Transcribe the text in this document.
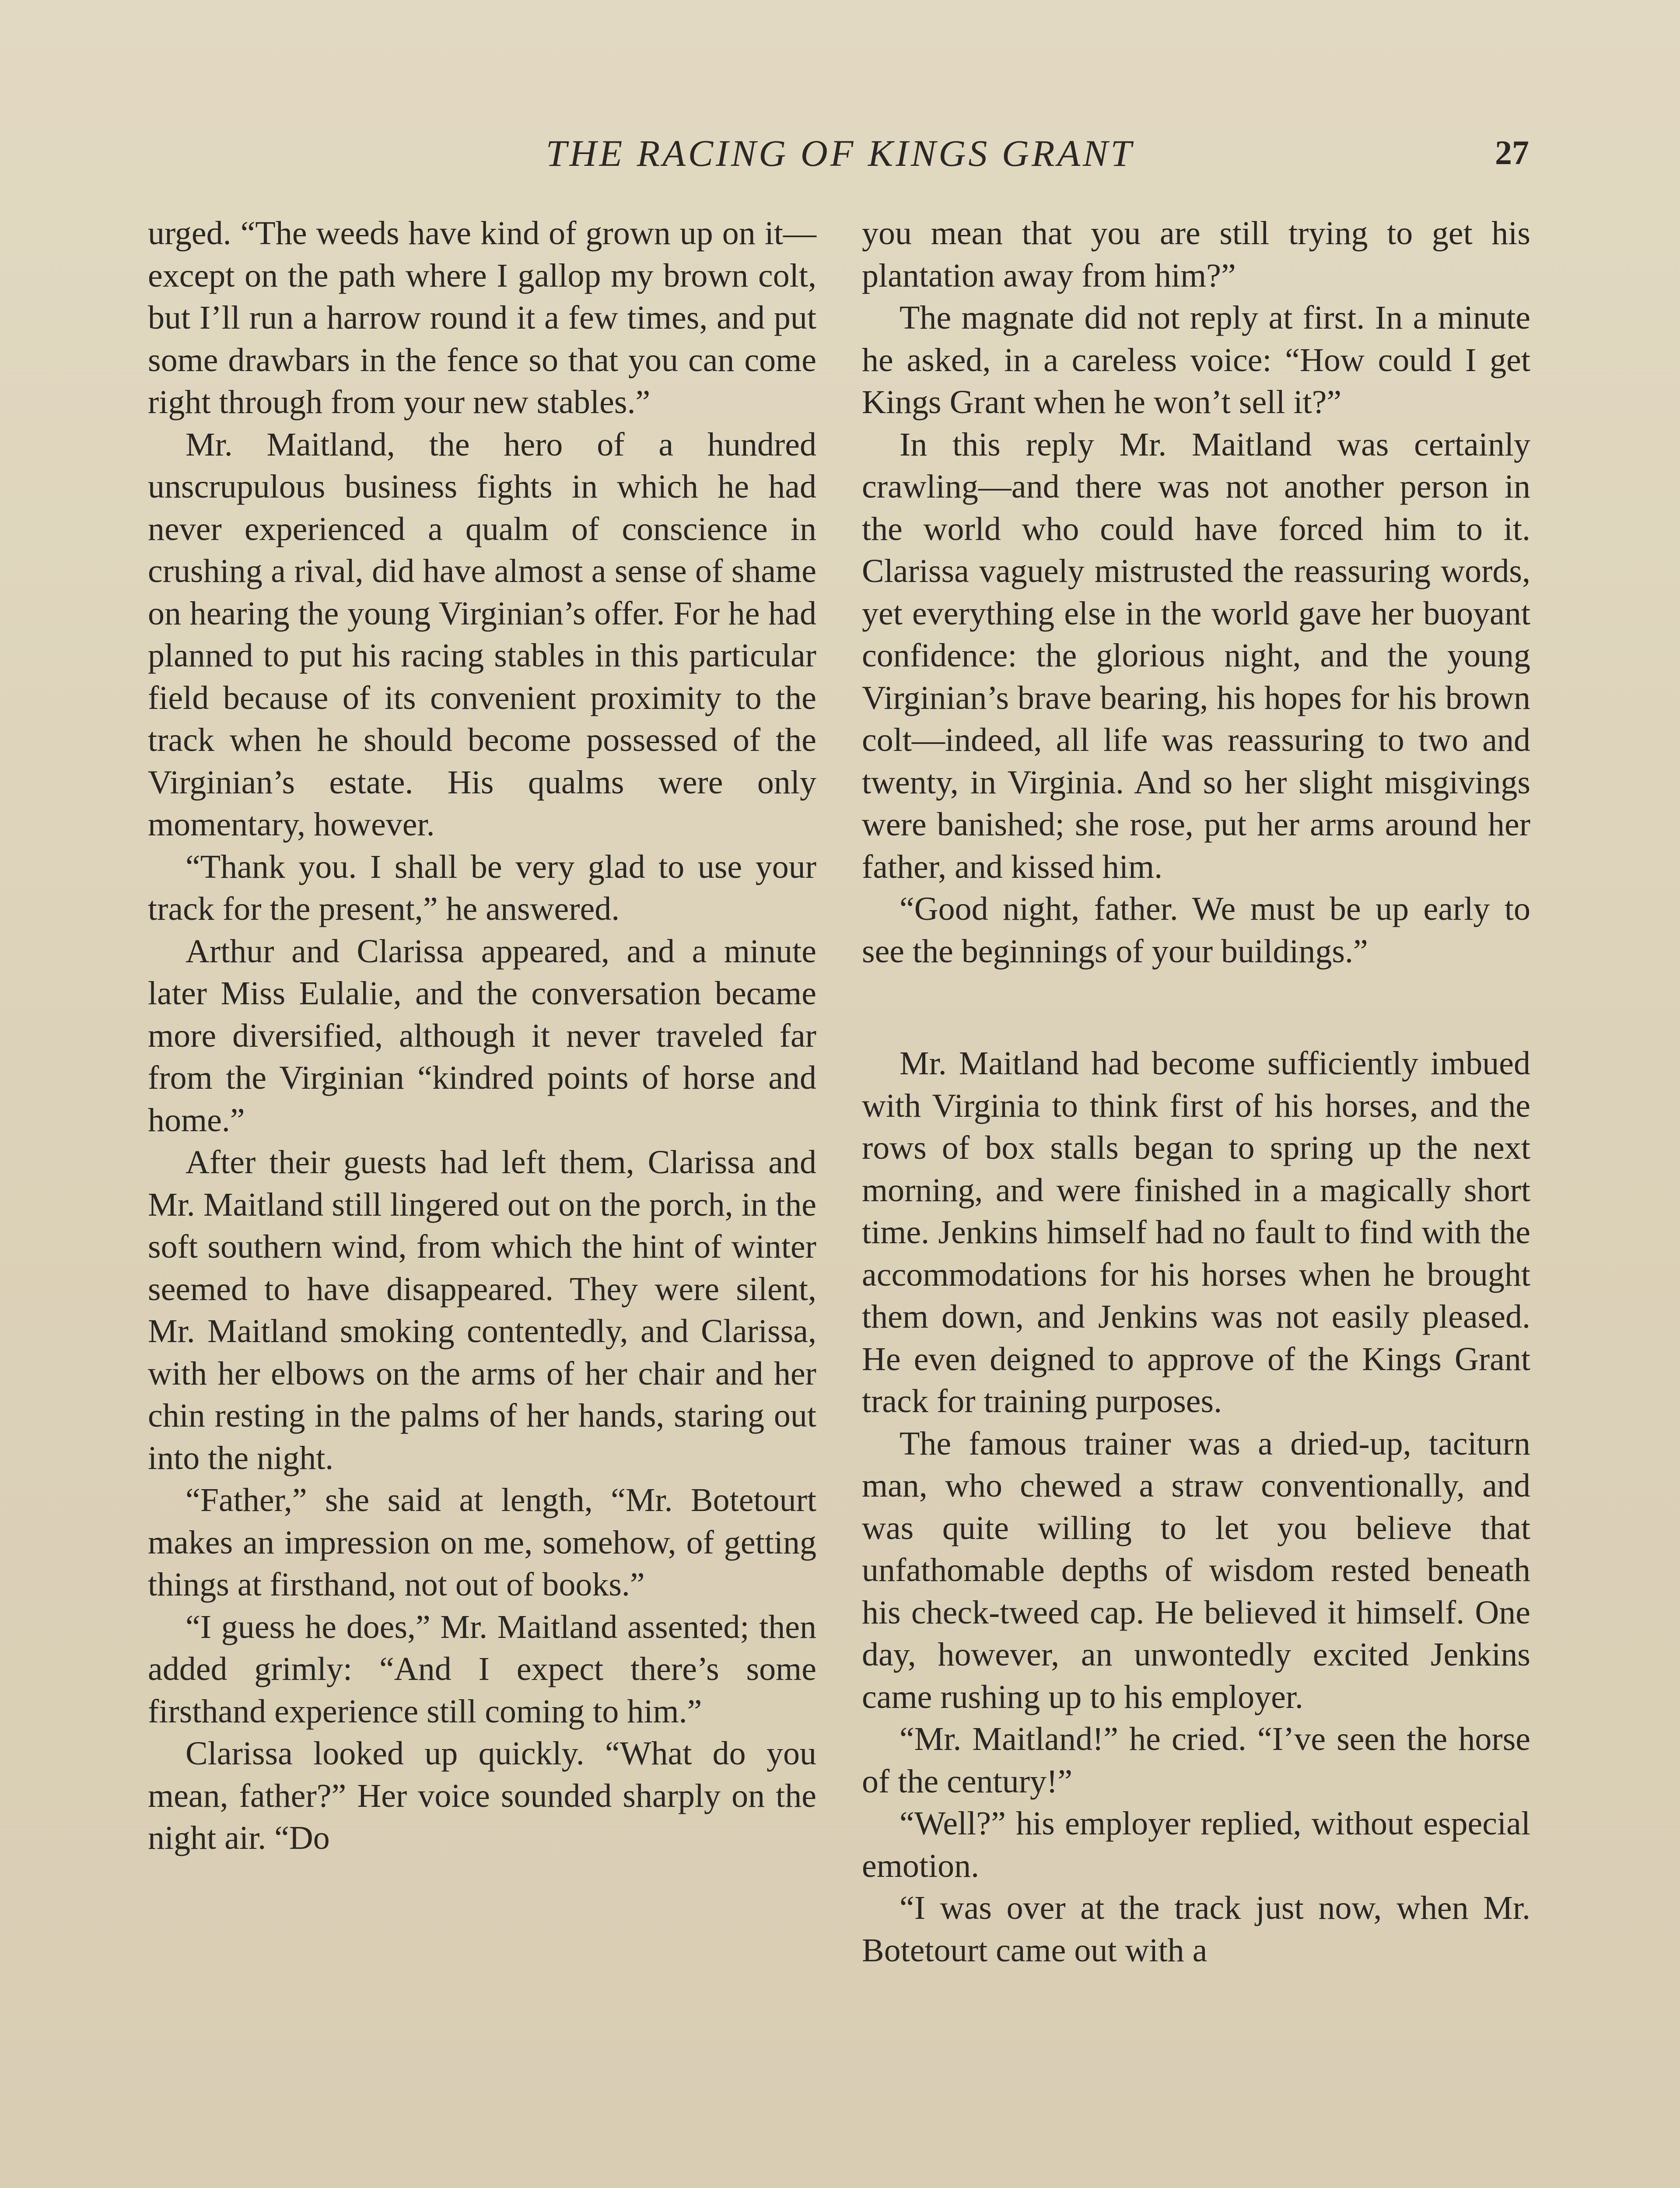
THE RACING OF KINGS GRANT	27

urged. “The weeds have kind of grown up on it—except on the path where I gallop my brown colt, but I’ll run a harrow round it a few times, and put some drawbars in the fence so that you can come right through from your new stables.”

Mr. Maitland, the hero of a hundred unscrupulous business fights in which he had never experienced a qualm of conscience in crushing a rival, did have almost a sense of shame on hearing the young Virginian’s offer. For he had planned to put his racing stables in this particular field because of its convenient proximity to the track when he should become possessed of the Virginian’s estate. His qualms were only momentary, however.

“Thank you. I shall be very glad to use your track for the present,” he answered.

Arthur and Clarissa appeared, and a minute later Miss Eulalie, and the conversation became more diversified, although it never traveled far from the Virginian “kindred points of horse and home.”

After their guests had left them, Clarissa and Mr. Maitland still lingered out on the porch, in the soft southern wind, from which the hint of winter seemed to have disappeared. They were silent, Mr. Maitland smoking contentedly, and Clarissa, with her elbows on the arms of her chair and her chin resting in the palms of her hands, staring out into the night.

“Father,” she said at length, “Mr. Botetourt makes an impression on me, somehow, of getting things at firsthand, not out of books.”

“I guess he does,” Mr. Maitland assented; then added grimly: “And I expect there’s some firsthand experience still coming to him.”

Clarissa looked up quickly. “What do you mean, father?” Her voice sounded sharply on the night air. “Do

you mean that you are still trying to get his plantation away from him?”

The magnate did not reply at first. In a minute he asked, in a careless voice: “How could I get Kings Grant when he won’t sell it?”

In this reply Mr. Maitland was certainly crawling—and there was not another person in the world who could have forced him to it. Clarissa vaguely mistrusted the reassuring words, yet everything else in the world gave her buoyant confidence: the glorious night, and the young Virginian’s brave bearing, his hopes for his brown colt—indeed, all life was reassuring to two and twenty, in Virginia. And so her slight misgivings were banished; she rose, put her arms around her father, and kissed him.

“Good night, father. We must be up early to see the beginnings of your buildings.”

Mr. Maitland had become sufficiently imbued with Virginia to think first of his horses, and the rows of box stalls began to spring up the next morning, and were finished in a magically short time. Jenkins himself had no fault to find with the accommodations for his horses when he brought them down, and Jenkins was not easily pleased. He even deigned to approve of the Kings Grant track for training purposes.

The famous trainer was a dried-up, taciturn man, who chewed a straw conventionally, and was quite willing to let you believe that unfathomable depths of wisdom rested beneath his check-tweed cap. He believed it himself. One day, however, an unwontedly excited Jenkins came rushing up to his employer.

“Mr. Maitland!” he cried. “I’ve seen the horse of the century!”

“Well?” his employer replied, without especial emotion.

“I was over at the track just now, when Mr. Botetourt came out with a
